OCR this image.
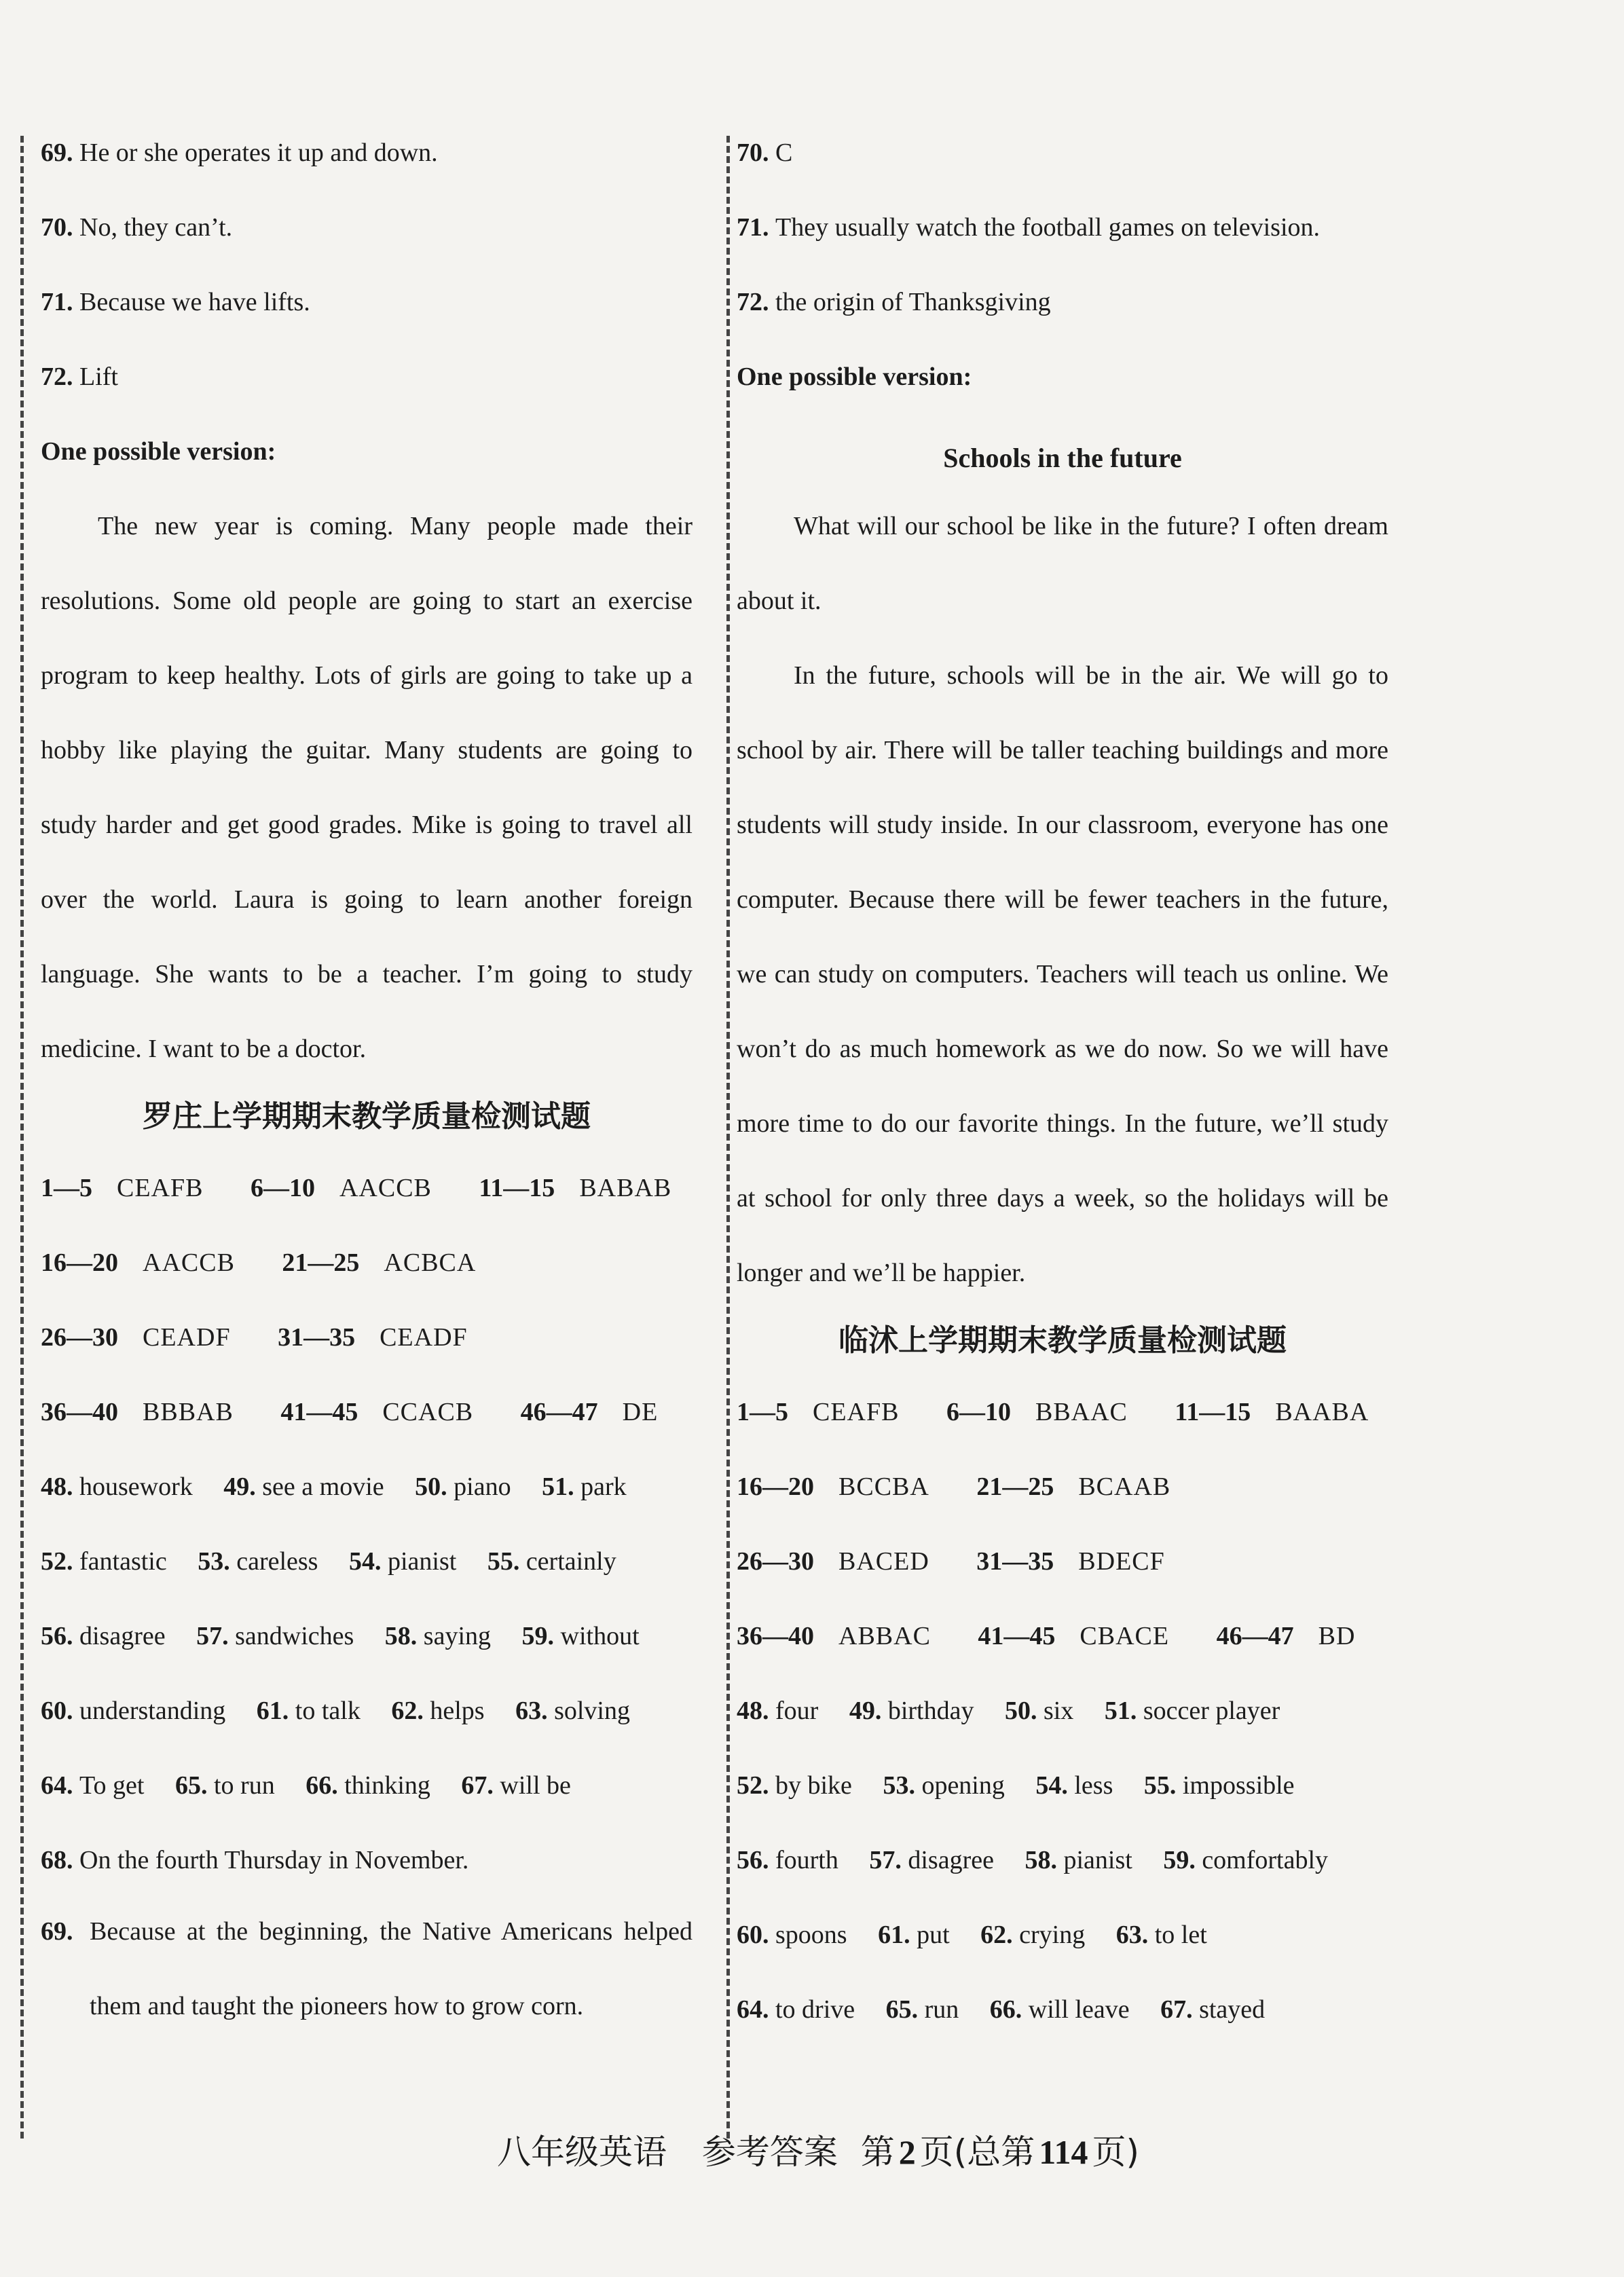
69 . He or she operates it up and down.
70 . No, they can’t.
71 . Because we have lifts.
72 . Lift
One possible version:

The new year is coming. Many people made their resolutions. Some old people are going to start an exercise program to keep healthy. Lots of girls are going to take up a hobby like playing the guitar. Many students are going to study harder and get good grades. Mike is going to travel all over the world. Laura is going to learn another foreign language. She wants to be a teacher. I’m going to study medicine. I want to be a doctor.

罗庄上学期期末教学质量检测试题
1—5 CEAFB 6—10 AACCB 11—15 BABAB
16—20 AACCB 21—25 ACBCA
26—30 CEADF 31—35 CEADF
36—40 BBBAB 41—45 CCACB 46—47 DE
48 . housework 49 . see a movie 50 . piano 51 . park
52 . fantastic 53 . careless 54 . pianist 55 . certainly
56 . disagree 57 . sandwiches 58 . saying 59 . without
60 . understanding 61 . to talk 62 . helps 63 . solving
64 . To get 65 . to run 66 . thinking 67 . will be
68 . On the fourth Thursday in November.
69 . Because at the beginning, the Native Americans helped them and taught the pioneers how to grow corn.
70 . C
71 . They usually watch the football games on television.
72 . the origin of Thanksgiving
One possible version:
Schools in the future

What will our school be like in the future? I often dream about it.

In the future, schools will be in the air. We will go to school by air. There will be taller teaching buildings and more students will study inside. In our classroom, everyone has one computer. Because there will be fewer teachers in the future, we can study on computers. Teachers will teach us online. We won’t do as much homework as we do now. So we will have more time to do our favorite things. In the future, we’ll study at school for only three days a week, so the holidays will be longer and we’ll be happier.

临沭上学期期末教学质量检测试题
1—5 CEAFB 6—10 BBAAC 11—15 BAABA
16—20 BCCBA 21—25 BCAAB
26—30 BACED 31—35 BDECF
36—40 ABBAC 41—45 CBACE 46—47 BD
48 . four 49 . birthday 50 . six 51 . soccer player
52 . by bike 53 . opening 54 . less 55 . impossible
56 . fourth 57 . disagree 58 . pianist 59 . comfortably
60 . spoons 61 . put 62 . crying 63 . to let
64 . to drive 65 . run 66 . will leave 67 . stayed
八年级英语 参考答案 第 2 页(总第 114 页)
